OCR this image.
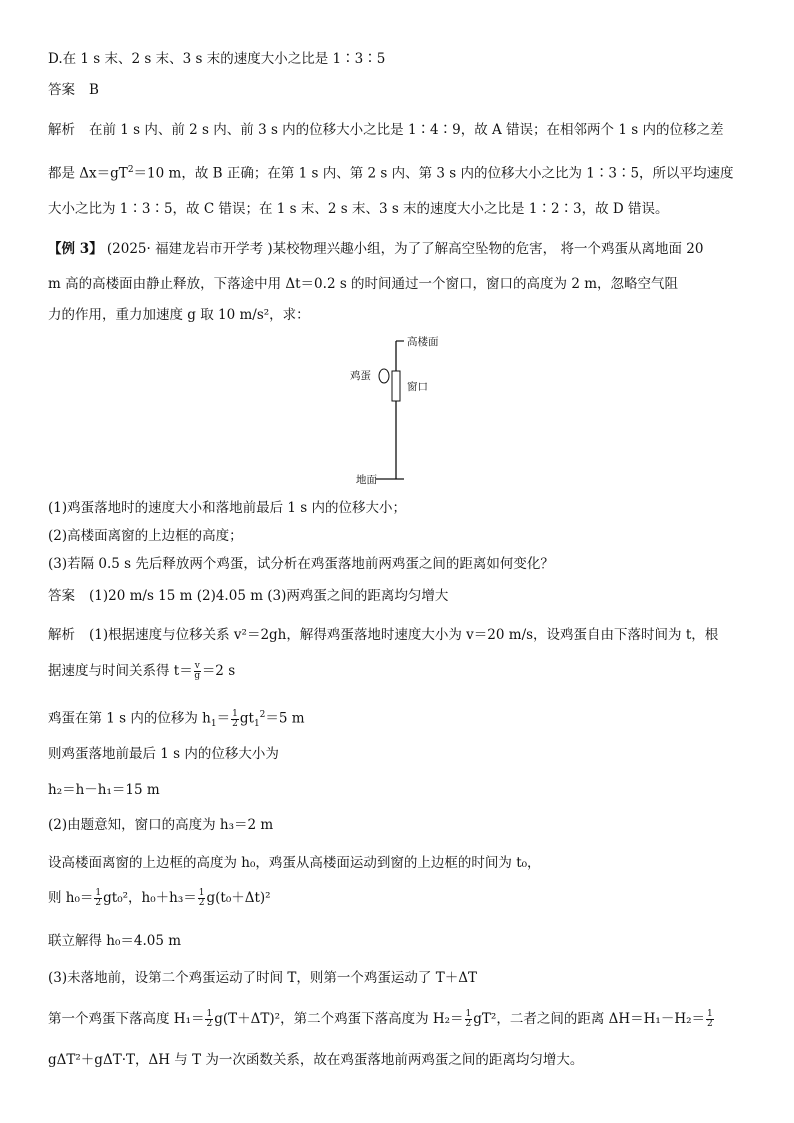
D.在 1 s 末、2 s 末、3 s 末的速度大小之比是 1∶3∶5
答案 B
解析 在前 1 s 内、前 2 s 内、前 3 s 内的位移大小之比是 1∶4∶9，故 A 错误；在相邻两个 1 s 内的位移之差
都是 $\Delta x=gT^2=10$ m，故 B 正确；在第 1 s 内、第 2 s 内、第 3 s 内的位移大小之比为 1∶3∶5，所以平均速度
大小之比为 1∶3∶5，故 C 错误；在 1 s 末、2 s 末、3 s 末的速度大小之比是 1∶2∶3，故 D 错误。
【例 3】 (2025· 福建龙岩市开学考 )某校物理兴趣小组，为了了解高空坠物的危害， 将一个鸡蛋从离地面 20
m 高的高楼面由静止释放，下落途中用 Δt＝0.2 s 的时间通过一个窗口，窗口的高度为 2 m，忽略空气阻
力的作用，重力加速度 g 取 10 m/s²，求：
高楼面
鸡蛋
窗口
地面
(1)鸡蛋落地时的速度大小和落地前最后 1 s 内的位移大小；
(2)高楼面离窗的上边框的高度；
(3)若隔 0.5 s 先后释放两个鸡蛋，试分析在鸡蛋落地前两鸡蛋之间的距离如何变化？
答案 (1)20 m/s 15 m (2)4.05 m (3)两鸡蛋之间的距离均匀增大
解析 (1)根据速度与位移关系 v²＝2gh，解得鸡蛋落地时速度大小为 v＝20 m/s，设鸡蛋自由下落时间为 t，根
据速度与时间关系得 $t= \frac{v}{g} =2$ s
鸡蛋在第 1 s 内的位移为 $h_1= \frac{1}{2} gt_1^2=5$ m
则鸡蛋落地前最后 1 s 内的位移大小为
h₂＝h－h₁＝15 m
(2)由题意知，窗口的高度为 h₃＝2 m
设高楼面离窗的上边框的高度为 h₀，鸡蛋从高楼面运动到窗的上边框的时间为 t₀，
则 $h_0= \frac{1}{2} gt_0^2$，$h_0+h_3= \frac{1}{2} g(t_0+\Delta t)^2$
联立解得 h₀＝4.05 m
(3)未落地前，设第二个鸡蛋运动了时间 T，则第一个鸡蛋运动了 T＋ΔT
第一个鸡蛋下落高度 $H_1= \frac{1}{2} g(T+\Delta T)^2$，第二个鸡蛋下落高度为 $H_2= \frac{1}{2} gT^2$，二者之间的距离 $\Delta H=H_1-H_2= \frac{1}{2}$
gΔT²＋gΔT·T，ΔH 与 T 为一次函数关系，故在鸡蛋落地前两鸡蛋之间的距离均匀增大。
